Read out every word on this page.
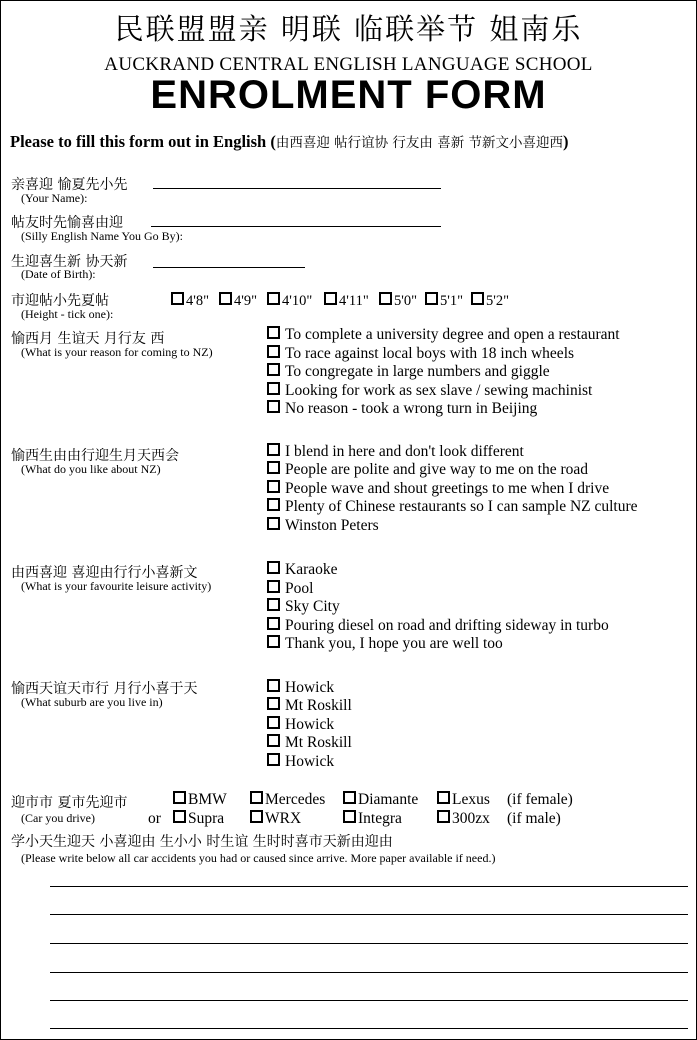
民联盟盟亲 明联 临联举节 姐南乐
AUCKRAND CENTRAL ENGLISH LANGUAGE SCHOOL
ENROLMENT FORM
Please to fill this form out in English (由西喜迎 帖行谊协 行友由 喜新 节新文小喜迎西)
亲喜迎 愉夏先小先
(Your Name):
帖友时先愉喜由迎
(Silly English Name You Go By):
生迎喜生新 协天新
(Date of Birth):
市迎帖小先夏帖
(Height - tick one):
4'8"	4'9"	4'10"	4'11"	5'0"	5'1"	5'2"
愉西月 生谊天 月行友 西
(What is your reason for coming to NZ)
To complete a university degree and open a restaurant
To race against local boys with 18 inch wheels
To congregate in large numbers and giggle
Looking for work as sex slave / sewing machinist
No reason - took a wrong turn in Beijing
愉西生由由行迎生月天西会
(What do you like about NZ)
I blend in here and don't look different
People are polite and give way to me on the road
People wave and shout greetings to me when I drive
Plenty of Chinese restaurants so I can sample NZ culture
Winston Peters
由西喜迎 喜迎由行行小喜新文
(What is your favourite leisure activity)
Karaoke
Pool
Sky City
Pouring diesel on road and drifting sideway in turbo
Thank you, I hope you are well too
愉西天谊天市行 月行小喜于天
(What suburb are you live in)
Howick
Mt Roskill
Howick
Mt Roskill
Howick
迎市市 夏市先迎市
(Car you drive)	or
BMW	Mercedes	Diamante	Lexus (if female)
Supra	WRX	Integra	300zx (if male)
学小天生迎天 小喜迎由 生小小 时生谊 生时时喜市天新由迎由
(Please write below all car accidents you had or caused since arrive. More paper available if need.)
